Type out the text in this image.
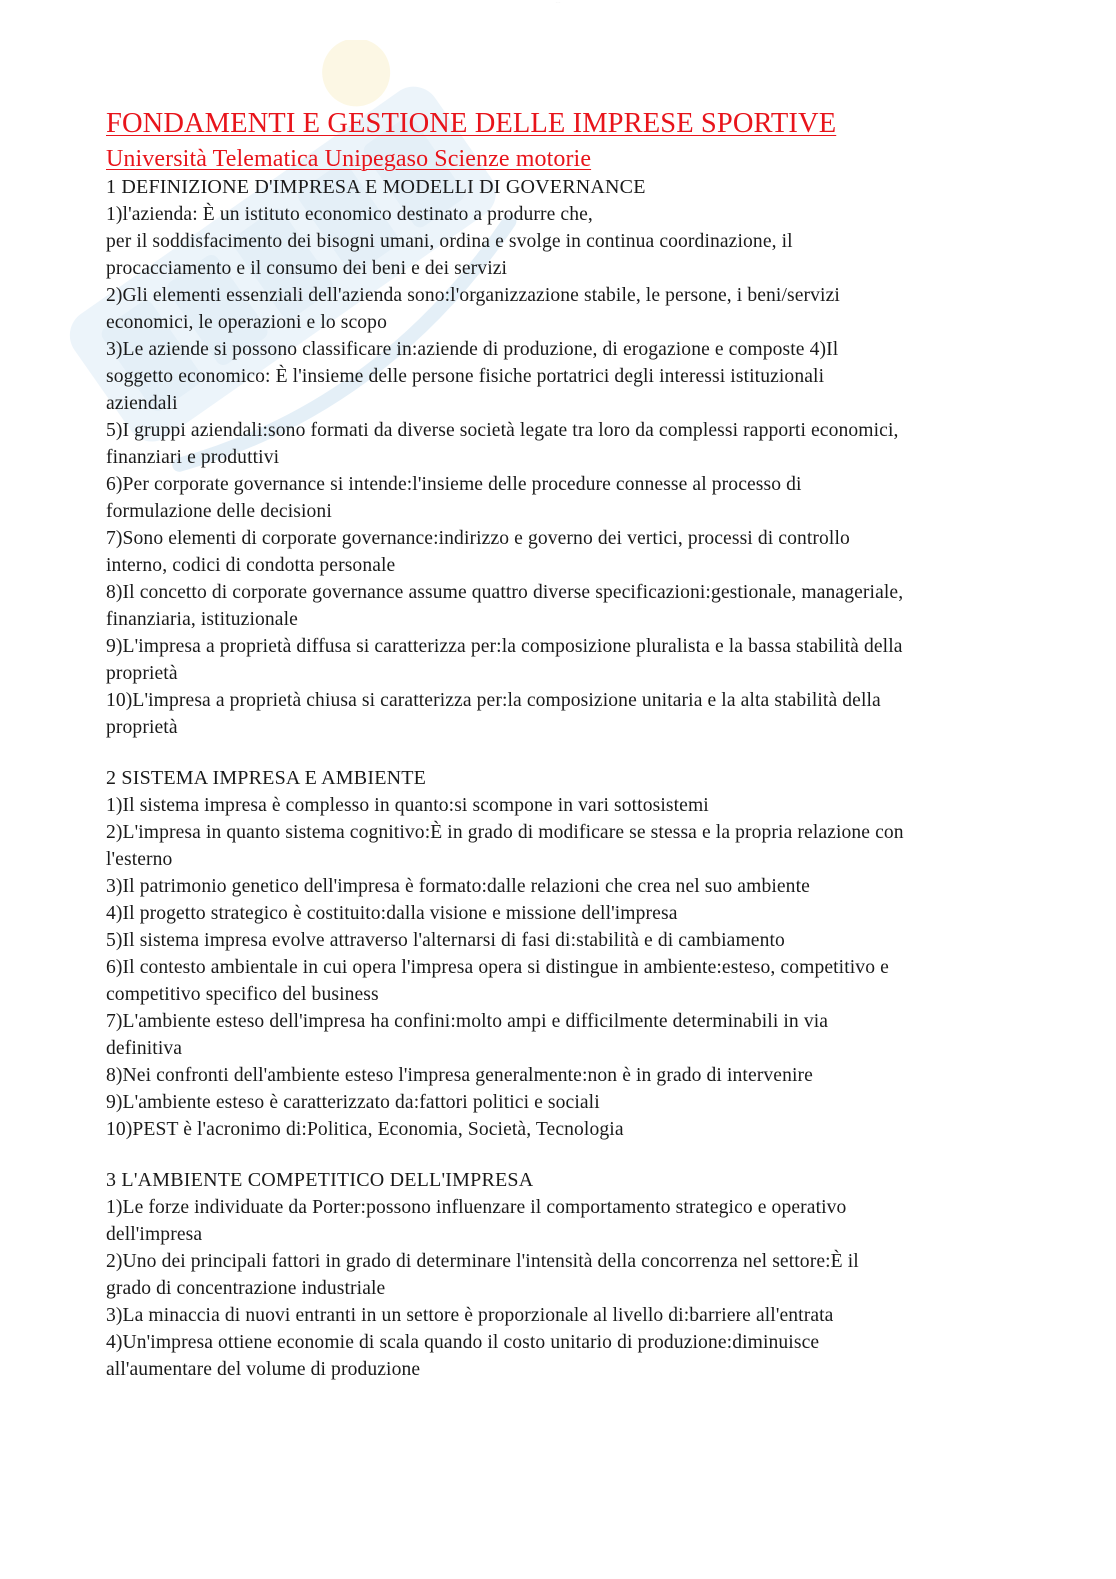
· · ·
FONDAMENTI E GESTIONE DELLE IMPRESE SPORTIVE
Università Telematica Unipegaso Scienze motorie

1 DEFINIZIONE D'IMPRESA E MODELLI DI GOVERNANCE

1)l'azienda: È un istituto economico destinato a produrre che,

per il soddisfacimento dei bisogni umani, ordina e svolge in continua coordinazione, il

procacciamento e il consumo dei beni e dei servizi

2)Gli elementi essenziali dell'azienda sono:l'organizzazione stabile, le persone, i beni/servizi

economici, le operazioni e lo scopo

3)Le aziende si possono classificare in:aziende di produzione, di erogazione e composte 4)Il

soggetto economico: È l'insieme delle persone fisiche portatrici degli interessi istituzionali

aziendali

5)I gruppi aziendali:sono formati da diverse società legate tra loro da complessi rapporti economici,

finanziari e produttivi

6)Per corporate governance si intende:l'insieme delle procedure connesse al processo di

formulazione delle decisioni

7)Sono elementi di corporate governance:indirizzo e governo dei vertici, processi di controllo

interno, codici di condotta personale

8)Il concetto di corporate governance assume quattro diverse specificazioni:gestionale, manageriale,

finanziaria, istituzionale

9)L'impresa a proprietà diffusa si caratterizza per:la composizione pluralista e la bassa stabilità della

proprietà

10)L'impresa a proprietà chiusa si caratterizza per:la composizione unitaria e la alta stabilità della

proprietà

2 SISTEMA IMPRESA E AMBIENTE

1)Il sistema impresa è complesso in quanto:si scompone in vari sottosistemi

2)L'impresa in quanto sistema cognitivo:È in grado di modificare se stessa e la propria relazione con

l'esterno

3)Il patrimonio genetico dell'impresa è formato:dalle relazioni che crea nel suo ambiente

4)Il progetto strategico è costituito:dalla visione e missione dell'impresa

5)Il sistema impresa evolve attraverso l'alternarsi di fasi di:stabilità e di cambiamento

6)Il contesto ambientale in cui opera l'impresa opera si distingue in ambiente:esteso, competitivo e

competitivo specifico del business

7)L'ambiente esteso dell'impresa ha confini:molto ampi e difficilmente determinabili in via

definitiva

8)Nei confronti dell'ambiente esteso l'impresa generalmente:non è in grado di intervenire

9)L'ambiente esteso è caratterizzato da:fattori politici e sociali

10)PEST è l'acronimo di:Politica, Economia, Società, Tecnologia

3 L'AMBIENTE COMPETITICO DELL'IMPRESA

1)Le forze individuate da Porter:possono influenzare il comportamento strategico e operativo

dell'impresa

2)Uno dei principali fattori in grado di determinare l'intensità della concorrenza nel settore:È il

grado di concentrazione industriale

3)La minaccia di nuovi entranti in un settore è proporzionale al livello di:barriere all'entrata

4)Un'impresa ottiene economie di scala quando il costo unitario di produzione:diminuisce

all'aumentare del volume di produzione
